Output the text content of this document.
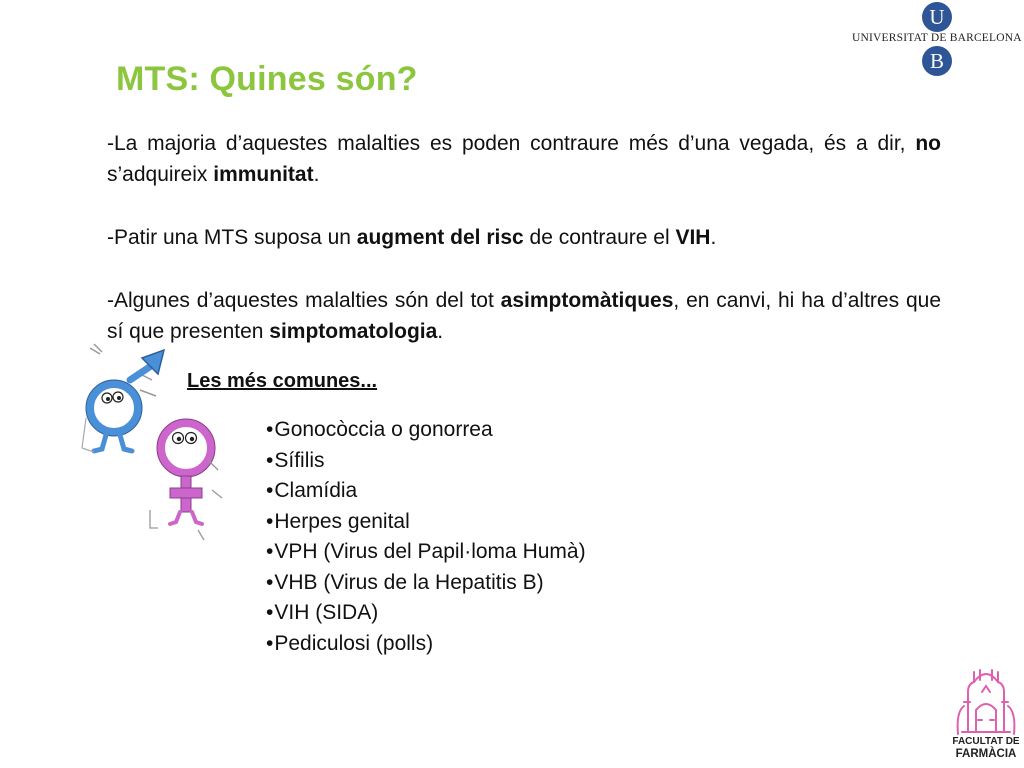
U
UNIVERSITAT DE BARCELONA
B
MTS: Quines són?

-La majoria d’aquestes malalties es poden contraure més d’una vegada, és a dir, no s’adquireix immunitat.

-Patir una MTS suposa un augment del risc de contraure el VIH.

-Algunes d’aquestes malalties són del tot asimptomàtiques, en canvi, hi ha d’altres que sí que presenten simptomatologia.

Les més comunes...
• Gonocòccia o gonorrea
• Sífilis
• Clamídia
• Herpes genital
• VPH (Virus del Papil·loma Humà)
• VHB (Virus de la Hepatitis B)
• VIH (SIDA)
• Pediculosi (polls)
FACULTAT DE
FARMÀCIA
